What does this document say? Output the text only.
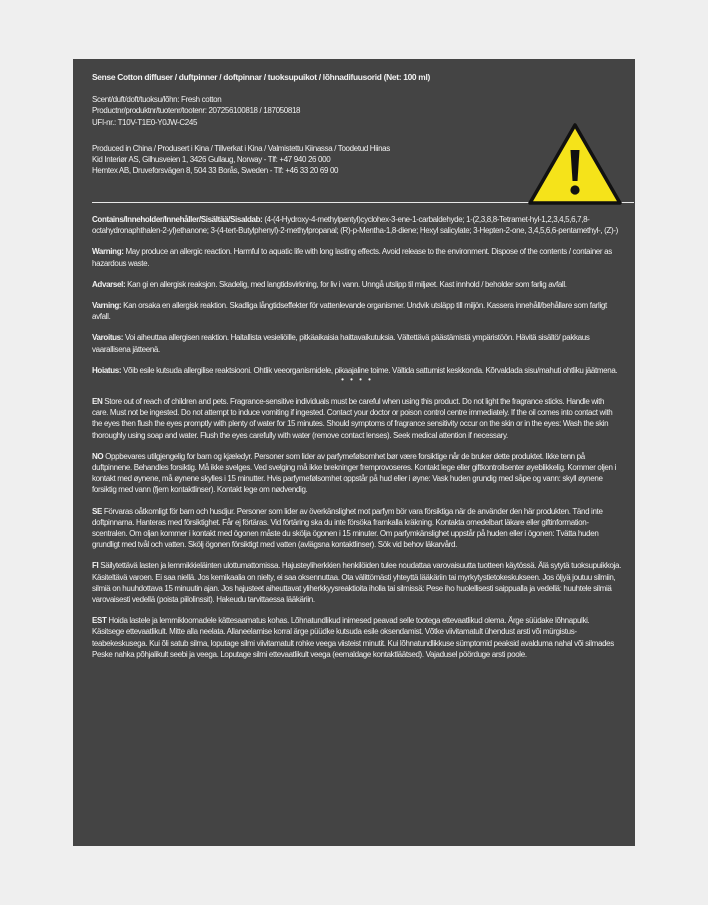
Sense Cotton diffuser / duftpinner / doftpinnar / tuoksupuikot / lõhnadifuusorid (Net: 100 ml)
Scent/duft/doft/tuoksu/lõhn: Fresh cotton
Productnr/produktnr/tuotenr/tootenr: 207256100818 / 187050818
UFI-nr.: T10V-T1E0-Y0JW-C245
Produced in China / Produsert i Kina / Tillverkat i Kina / Valmistettu Kiinassa / Toodetud Hiinas
Kid Interiør AS, Gilhusveien 1, 3426 Gullaug, Norway - Tlf: +47 940 26 000
Hemtex AB, Druveforsvägen 8, 504 33 Borås, Sweden - Tlf: +46 33 20 69 00
Contains/Inneholder/Innehåller/Sisältää/Sisaldab: (4-(4-Hydroxy-4-methylpentyl)cyclohex-3-ene-1-carbaldehyde; 1-(2,3,8,8-Tetramet-hyl-1,2,3,4,5,6,7,8-octahydronaphthalen-2-yl)ethanone; 3-(4-tert-Butylphenyl)-2-methylpropanal; (R)-p-Mentha-1,8-diene; Hexyl salicylate; 3-Hepten-2-one, 3,4,5,6,6-pentamethyl-, (Z)-)
Warning: May produce an allergic reaction. Harmful to aquatic life with long lasting effects. Avoid release to the environment. Dispose of the contents / container as hazardous waste.
Advarsel: Kan gi en allergisk reaksjon. Skadelig, med langtidsvirkning, for liv i vann. Unngå utslipp til miljøet. Kast innhold / beholder som farlig avfall.
Varning: Kan orsaka en allergisk reaktion. Skadliga långtidseffekter för vattenlevande organismer. Undvik utsläpp till miljön. Kassera innehåll/behållare som farligt avfall.
Varoitus: Voi aiheuttaa allergisen reaktion. Haitallista vesieliöille, pitkäaikaisia haittavaikutuksia. Vältettävä päästämistä ympäristöön. Hävitä sisältö/ pakkaus vaarallisena jätteenä.
Hoiatus: Võib esile kutsuda allergilise reaktsiooni. Ohtlik veeorganismidele, pikaajaline toime. Vältida sattumist keskkonda. Kõrvaldada sisu/mahuti ohtliku jäätmena.
• • • •
EN Store out of reach of children and pets. Fragrance-sensitive individuals must be careful when using this product. Do not light the fragrance sticks. Handle with care. Must not be ingested. Do not attempt to induce vomiting if ingested. Contact your doctor or poison control centre immediately. If the oil comes into contact with the eyes then flush the eyes promptly with plenty of water for 15 minutes. Should symptoms of fragrance sensitivity occur on the skin or in the eyes: Wash the skin thoroughly using soap and water. Flush the eyes carefully with water (remove contact lenses). Seek medical attention if necessary.
NO Oppbevares utilgjengelig for barn og kjæledyr. Personer som lider av parfymefølsomhet bør være forsiktige når de bruker dette produktet. Ikke tenn på duftpinnene. Behandles forsiktig. Må ikke svelges. Ved svelging må ikke brekninger fremprovoseres. Kontakt lege eller giftkontrollsenter øyeblikkelig. Kommer oljen i kontakt med øynene, må øynene skylles i 15 minutter. Hvis parfymefølsomhet oppstår på hud eller i øyne: Vask huden grundig med såpe og vann: skyll øynene forsiktig med vann (fjern kontaktlinser). Kontakt lege om nødvendig.
SE Förvaras oåtkomligt för barn och husdjur. Personer som lider av överkänslighet mot parfym bör vara försiktiga när de använder den här produkten. Tänd inte doftpinnarna. Hanteras med försiktighet. Får ej förtäras. Vid förtäring ska du inte försöka framkalla kräkning. Kontakta omedelbart läkare eller giftinformation-scentralen. Om oljan kommer i kontakt med ögonen måste du skölja ögonen i 15 minuter. Om parfymkänslighet uppstår på huden eller i ögonen: Tvätta huden grundligt med tvål och vatten. Skölj ögonen försiktigt med vatten (avlägsna kontaktlinser). Sök vid behov läkarvård.
FI Säilytettävä lasten ja lemmikkieläinten ulottumattomissa. Hajusteyliherkkien henkilöiden tulee noudattaa varovaisuutta tuotteen käytössä. Älä sytytä tuoksupuikkoja. Käsiteltävä varoen. Ei saa niellä. Jos kemikaalia on nielty, ei saa oksennuttaa. Ota välittömästi yhteyttä lääkäriin tai myrkytystietokeskukseen. Jos öljyä joutuu silmiin, silmiä on huuhdottava 15 minuutin ajan. Jos hajusteet aiheuttavat yliherkkyysreaktioita iholla tai silmissä: Pese iho huolellisesti saippualla ja vedellä: huuhtele silmiä varovaisesti vedellä (poista piilolinssit). Hakeudu tarvittaessa lääkäriin.
EST Hoida lastele ja lemmikloomadele kättesaamatus kohas. Lõhnatundlikud inimesed peavad selle tootega ettevaatlikud olema. Ärge süüdake lõhnapulki. Käsitsege ettevaatlikult. Mitte alla neelata. Allaneelamise korral ärge püüdke kutsuda esile oksendamist. Võtke viivitamatult ühendust arsti või mürgistus-teabekeskusega. Kui õli satub silma, loputage silmi viivitamatult rohke veega viisteist minutit. Kui lõhnatundlikkuse sümptomid peaksid avalduma nahal või silmades Peske nahka põhjalikult seebi ja veega. Loputage silmi ettevaatlikult veega (eemaldage kontaktläätsed). Vajadusel pöörduge arsti poole.
